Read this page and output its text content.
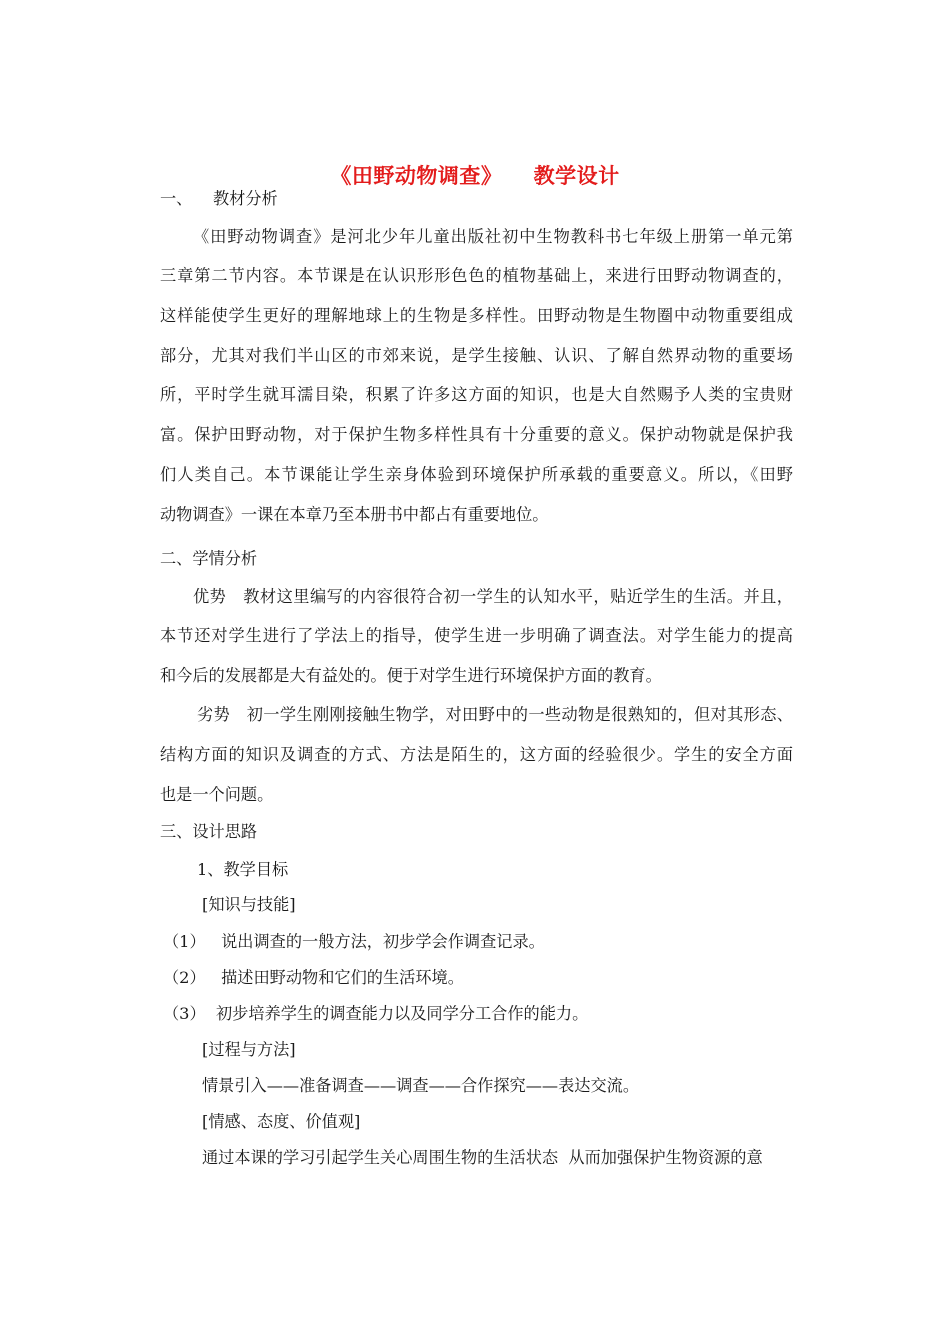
《田野动物调查》    教学设计
一、    教材分析
《田野动物调查》是河北少年儿童出版社初中生物教科书七年级上册第一单元第
三章第二节内容。本节课是在认识形形色色的植物基础上，来进行田野动物调查的，
这样能使学生更好的理解地球上的生物是多样性。田野动物是生物圈中动物重要组成
部分，尤其对我们半山区的市郊来说，是学生接触、认识、了解自然界动物的重要场
所，平时学生就耳濡目染，积累了许多这方面的知识，也是大自然赐予人类的宝贵财
富。保护田野动物，对于保护生物多样性具有十分重要的意义。保护动物就是保护我
们人类自己。本节课能让学生亲身体验到环境保护所承载的重要意义。所以，《田野
动物调查》一课在本章乃至本册书中都占有重要地位。
二、学情分析
优势   教材这里编写的内容很符合初一学生的认知水平，贴近学生的生活。并且，
本节还对学生进行了学法上的指导，使学生进一步明确了调查法。对学生能力的提高
和今后的发展都是大有益处的。便于对学生进行环境保护方面的教育。
劣势   初一学生刚刚接触生物学，对田野中的一些动物是很熟知的，但对其形态、
结构方面的知识及调查的方式、方法是陌生的，这方面的经验很少。学生的安全方面
也是一个问题。
三、设计思路
1、教学目标
[知识与技能]
（1）   说出调查的一般方法，初步学会作调查记录。
（2）   描述田野动物和它们的生活环境。
（3）  初步培养学生的调查能力以及同学分工合作的能力。
[过程与方法]
情景引入——准备调查——调查——合作探究——表达交流。
[情感、态度、价值观]
通过本课的学习引起学生关心周围生物的生活状态  从而加强保护生物资源的意
